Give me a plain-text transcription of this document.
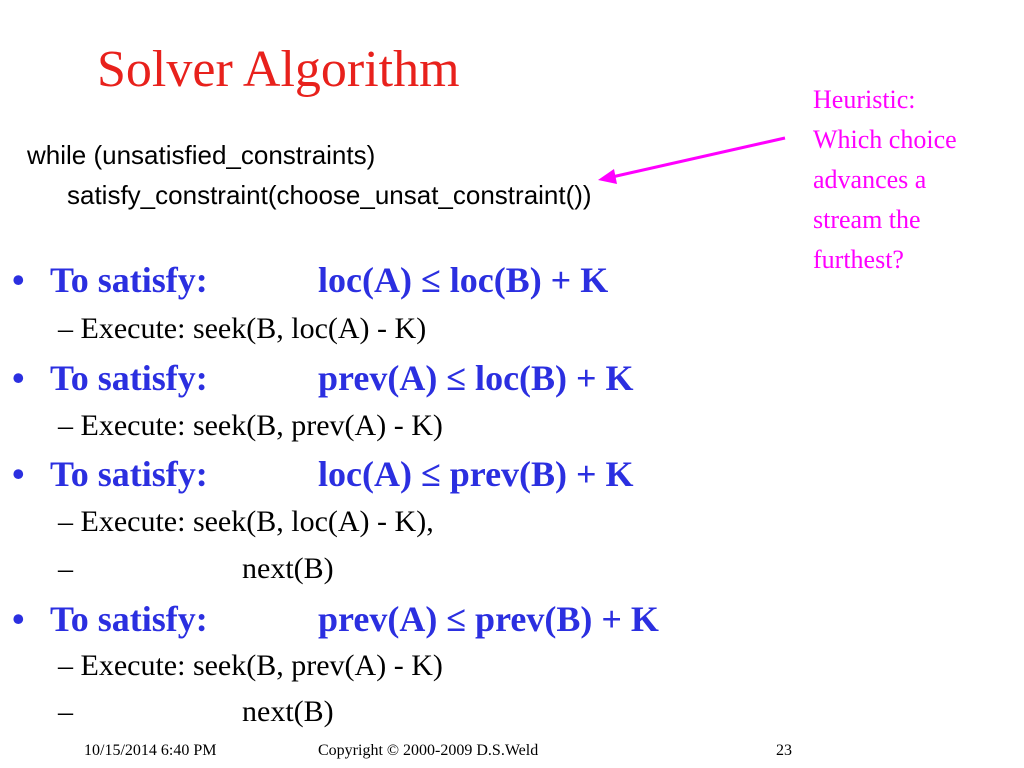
Solver Algorithm
while (unsatisfied_constraints)
satisfy_constraint(choose_unsat_constraint())
Heuristic:
Which choice
advances a
stream the
furthest?
• To satisfy:	loc(A) ≤ loc(B) + K
– Execute: seek(B, loc(A) - K)
• To satisfy:	prev(A) ≤ loc(B) + K
– Execute: seek(B, prev(A) - K)
• To satisfy:	loc(A) ≤ prev(B) + K
– Execute: seek(B, loc(A) - K),
–	next(B)
• To satisfy:	prev(A) ≤ prev(B) + K
– Execute: seek(B, prev(A) - K)
–	next(B)
10/15/2014 6:40 PM	Copyright © 2000-2009 D.S.Weld	23
